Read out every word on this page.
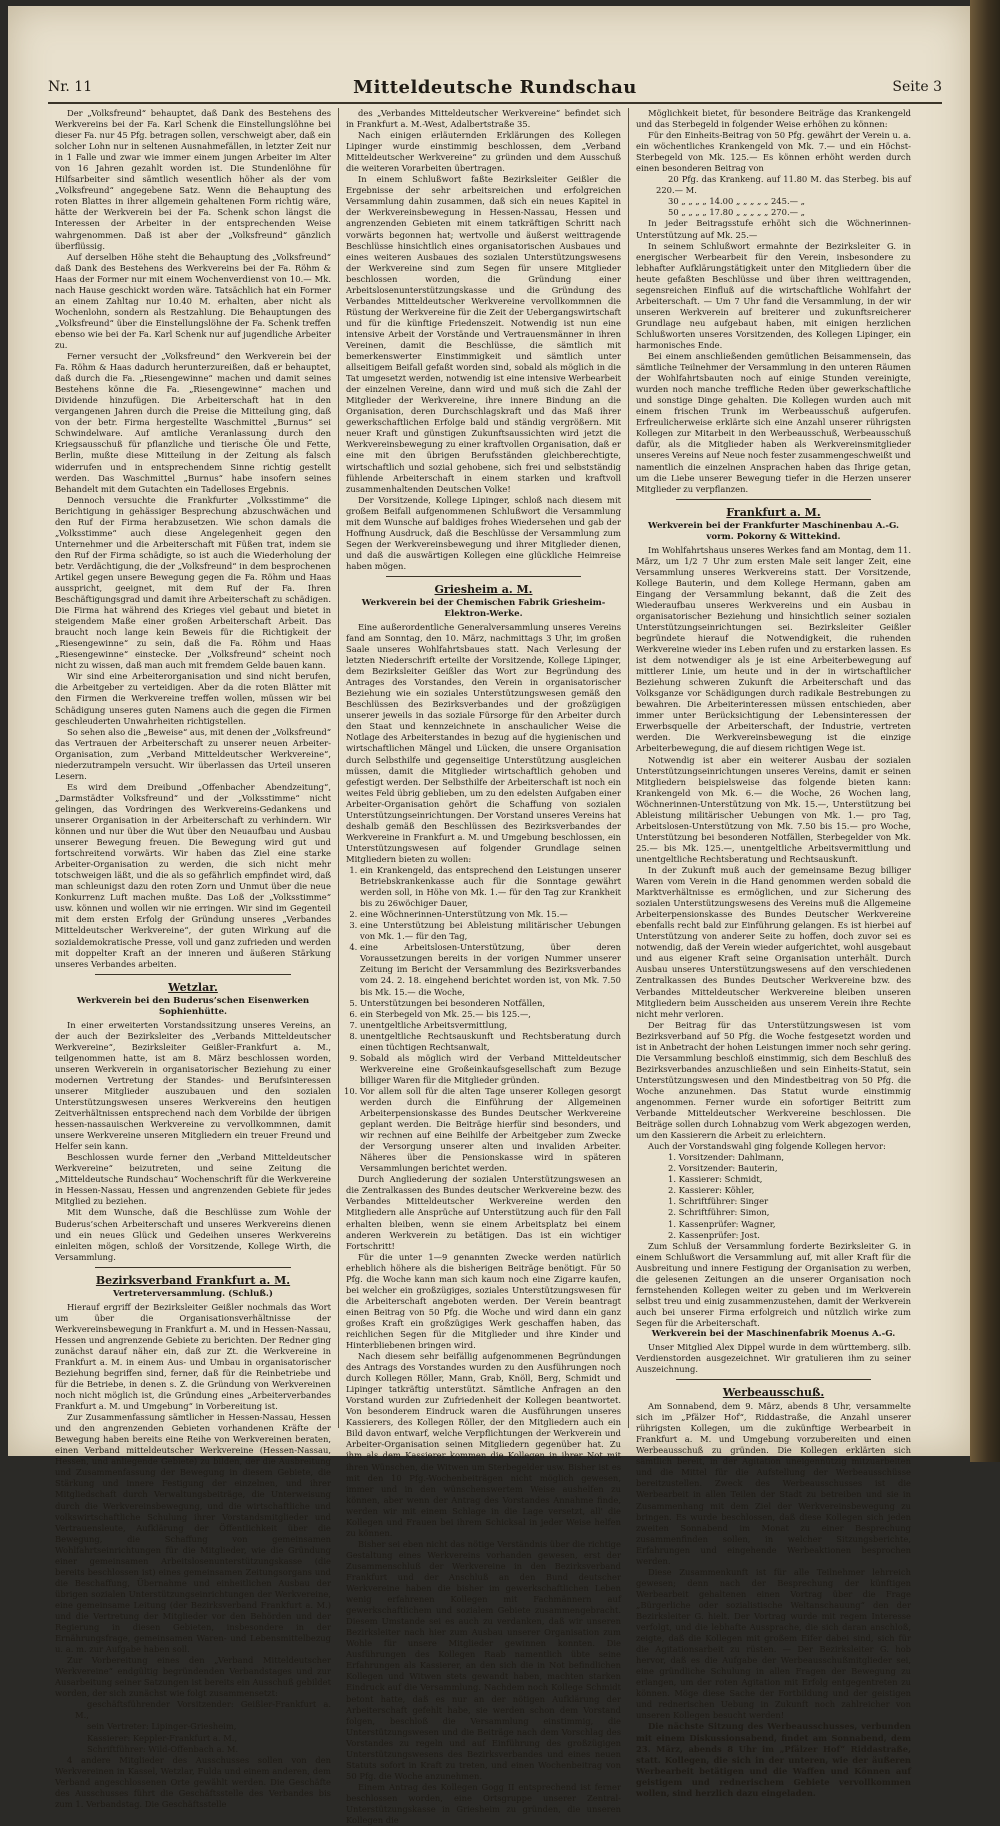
Nr. 11	Mitteldeutsche Rundschau	Seite 3

Der „Volksfreund“ behauptet, daß Dank des Bestehens des Werkvereins bei der Fa. Karl Schenk die Einstellungslöhne bei dieser Fa. nur 45 Pfg. betragen sollen, verschweigt aber, daß ein solcher Lohn nur in seltenen Ausnahmefällen, in letzter Zeit nur in 1 Falle und zwar wie immer einem jungen Arbeiter im Alter von 16 Jahren gezahlt worden ist. Die Stundenlöhne für Hilfsarbeiter sind sämtlich wesentlich höher als der vom „Volksfreund“ angegebene Satz. Wenn die Behauptung des roten Blattes in ihrer allgemein gehaltenen Form richtig wäre, hätte der Werkverein bei der Fa. Schenk schon längst die Interessen der Arbeiter in der entsprechenden Weise wahrgenommen. Daß ist aber der „Volksfreund“ gänzlich überflüssig.

Auf derselben Höhe steht die Behauptung des „Volksfreund“ daß Dank des Bestehens des Werkvereins bei der Fa. Röhm & Haas der Former nur mit einem Wochenverdienst von 10.— Mk. nach Hause geschickt worden wäre. Tatsächlich hat ein Former an einem Zahltag nur 10.40 M. erhalten, aber nicht als Wochenlohn, sondern als Restzahlung. Die Behauptungen des „Volksfreund“ über die Einstellungslöhne der Fa. Schenk treffen ebenso wie bei der Fa. Karl Schenk nur auf jugendliche Arbeiter zu.

Ferner versucht der „Volksfreund“ den Werkverein bei der Fa. Röhm & Haas dadurch herunterzureißen, daß er behauptet, daß durch die Fa. „Riesengewinne“ machen und damit seines Bestehens könne die Fa. „Riesengewinne“ machen und Dividende hinzufügen. Die Arbeiterschaft hat in den vergangenen Jahren durch die Preise die Mitteilung ging, daß von der betr. Firma hergestellte Waschmittel „Burnus“ sei Schwindelware. Auf amtliche Veranlassung durch den Kriegsausschuß für pflanzliche und tierische Öle und Fette, Berlin, mußte diese Mitteilung in der Zeitung als falsch widerrufen und in entsprechendem Sinne richtig gestellt werden. Das Waschmittel „Burnus“ habe insofern seines Behandelt mit dem Gutachten ein Tadelloses Ergebnis.

Dennoch versuchte die Frankfurter „Volksstimme“ die Berichtigung in gehässiger Besprechung abzuschwächen und den Ruf der Firma herabzusetzen. Wie schon damals die „Volksstimme“ auch diese Angelegenheit gegen den Unternehmer und die Arbeiterschaft mit Füßen trat, indem sie den Ruf der Firma schädigte, so ist auch die Wiederholung der betr. Verdächtigung, die der „Volksfreund“ in dem besprochenen Artikel gegen unsere Bewegung gegen die Fa. Röhm und Haas ausspricht, geeignet, mit dem Ruf der Fa. Ihren Beschäftigungsgrad und damit ihre Arbeiterschaft zu schädigen. Die Firma hat während des Krieges viel gebaut und bietet in steigendem Maße einer großen Arbeiterschaft Arbeit. Das braucht noch lange kein Beweis für die Richtigkeit der „Riesengewinne“ zu sein, daß die Fa. Röhm und Haas „Riesengewinne“ einstecke. Der „Volksfreund“ scheint noch nicht zu wissen, daß man auch mit fremdem Gelde bauen kann.

Wir sind eine Arbeiterorganisation und sind nicht berufen, die Arbeitgeber zu verteidigen. Aber da die roten Blätter mit den Firmen die Werkvereine treffen wollen, müssen wir bei Schädigung unseres guten Namens auch die gegen die Firmen geschleuderten Unwahrheiten richtigstellen.

So sehen also die „Beweise“ aus, mit denen der „Volksfreund“ das Vertrauen der Arbeiterschaft zu unserer neuen Arbeiter-Organisation, zum „Verband Mitteldeutscher Werkvereine“, niederzutrampeln versucht. Wir überlassen das Urteil unseren Lesern.

Es wird dem Dreibund „Offenbacher Abendzeitung“, „Darmstädter Volksfreund“ und der „Volksstimme“ nicht gelingen, das Vordringen des Werkvereins-Gedankens und unserer Organisation in der Arbeiterschaft zu verhindern. Wir können und nur über die Wut über den Neuaufbau und Ausbau unserer Bewegung freuen. Die Bewegung wird gut und fortschreitend vorwärts. Wir haben das Ziel eine starke Arbeiter-Organisation zu werden, die sich nicht mehr totschweigen läßt, und die als so gefährlich empfindet wird, daß man schleunigst dazu den roten Zorn und Unmut über die neue Konkurrenz Luft machen mußte. Das Loß der „Volksstimme“ usw. können und wollen wir nie erringen. Wir sind im Gegenteil mit dem ersten Erfolg der Gründung unseres „Verbandes Mitteldeutscher Werkvereine“, der guten Wirkung auf die sozialdemokratische Presse, voll und ganz zufrieden und werden mit doppelter Kraft an der inneren und äußeren Stärkung unseres Verbandes arbeiten.

Wetzlar.
Werkverein bei den Buderus’schen Eisenwerken Sophienhütte.

In einer erweiterten Vorstandssitzung unseres Vereins, an der auch der Bezirksleiter des „Verbands Mitteldeutscher Werkvereine“, Bezirksleiter Geißler-Frankfurt a. M., teilgenommen hatte, ist am 8. März beschlossen worden, unseren Werkverein in organisatorischer Beziehung zu einer modernen Vertretung der Standes- und Berufsinteressen unserer Mitglieder auszubauen und den sozialen Unterstützungswesen unseres Werkvereins den heutigen Zeitverhältnissen entsprechend nach dem Vorbilde der übrigen hessen-nassauischen Werkvereine zu vervollkommnen, damit unsere Werkvereine unseren Mitgliedern ein treuer Freund und Helfer sein kann.

Beschlossen wurde ferner den „Verband Mitteldeutscher Werkvereine“ beizutreten, und seine Zeitung die „Mitteldeutsche Rundschau“ Wochenschrift für die Werkvereine in Hessen-Nassau, Hessen und angrenzenden Gebiete für jedes Mitglied zu beziehen.

Mit dem Wunsche, daß die Beschlüsse zum Wohle der Buderus’schen Arbeiterschaft und unseres Werkvereins dienen und ein neues Glück und Gedeihen unseres Werkvereins einleiten mögen, schloß der Vorsitzende, Kollege Wirth, die Versammlung.

Bezirksverband Frankfurt a. M.
Vertreterversammlung. (Schluß.)

Hierauf ergriff der Bezirksleiter Geißler nochmals das Wort um über die Organisationsverhältnisse der Werkvereinsbewegung in Frankfurt a. M. und in Hessen-Nassau, Hessen und angrenzende Gebiete zu berichten. Der Redner ging zunächst darauf näher ein, daß zur Zt. die Werkvereine in Frankfurt a. M. in einem Aus- und Umbau in organisatorischer Beziehung begriffen sind, ferner, daß für die Reinbetriebe und für die Betriebe, in denen s. Z. die Gründung von Werkvereinen noch nicht möglich ist, die Gründung eines „Arbeiterverbandes Frankfurt a. M. und Umgebung“ in Vorbereitung ist.

Zur Zusammenfassung sämtlicher in Hessen-Nassau, Hessen und den angrenzenden Gebieten vorhandenen Kräfte der Bewegung haben bereits eine Reihe von Werkvereinen beraten, einen Verband mitteldeutscher Werkvereine (Hessen-Nassau, Hessen, und anliegende Gebiete) zu bilden, der die Ausbreitung und Zusammenfassung der Bewegung in diesem Gebiete, die Stärkung und innere Festigung der einzelnen, und ihrer Mitgliedschaft durch Verwaltungsbeiträge, die Unterweisung durch die Werkvereinsbewegung, und die wirtschaftliche und volkswirtschaftliche Schulung ihrer Vorstandsmitglieder und Vertrauensleute, Aufklärung der Öffentlichkeit über die Bewegung, die Schaffung von gemeinsamen Wohlfahrtseinrichtungen für die Mitglieder, wie die Gründung einer gemeinsamen Arbeitslosenunterstützungskasse (die bereits beschlossen ist) eines gemeinsamen Zeitungsorgans und die Beschaffung, Übernahme und einheitlichen Ausbau der übrigen sozialen Unterstützungseinrichtungen der Werkvereine, eine gemeinsame Leitung (der Bezirksverband Frankfurt a. M.) und die Vertretung der Mitglieder vor den Behörden und der Regierung in diesen Gebieten, insbesondere in der Ernährungsfrage, gemeinsamen Waren- und Lebensmittelbezug u. a. m. zur Aufgabe haben soll.

Zur Vorbereitung eines den „Verband Mitteldeutscher Werkvereine“ endgültig begründenden Verbandstages und zur Ausarbeitung seiner Satzungen ist bereits ein Ausschuß gebildet worden, der sich zunächst wie folgt zusammensetzt:

geschäftsführender Vorsitzender: Geißler-Frankfurt a. M.,

sein Vertreter: Lipinger-Griesheim,

Kassierer: Keppler-Frankfurt a. M.,

Schriftführer: Wild-Offenbach a. M.

4 andere Mitglieder des Ausschusses sollen von den Werkvereinen in Kassel, Wetzlar, Fulda und einem anderen, dem Verband angeschlossenen Orte gewählt werden. Die Geschäfte des Ausschusses führt die Geschäftsstelle des Verbandes bis zum 1. Verbandstag. Die Geschäftsstelle

des „Verbandes Mitteldeutscher Werkvereine“ befindet sich in Frankfurt a. M.-West, Adalbertstraße 35.

Nach einigen erläuternden Erklärungen des Kollegen Lipinger wurde einstimmig beschlossen, dem „Verband Mitteldeutscher Werkvereine“ zu gründen und dem Ausschuß die weiteren Vorarbeiten übertragen.

In einem Schlußwort faßte Bezirksleiter Geißler die Ergebnisse der sehr arbeitsreichen und erfolgreichen Versammlung dahin zusammen, daß sich ein neues Kapitel in der Werkvereinsbewegung in Hessen-Nassau, Hessen und angrenzenden Gebieten mit einem tatkräftigen Schritt nach vorwärts begonnen hat; wertvolle und äußerst weittragende Beschlüsse hinsichtlich eines organisatorischen Ausbaues und eines weiteren Ausbaues des sozialen Unterstützungswesens der Werkvereine sind zum Segen für unsere Mitglieder beschlossen worden, die Gründung einer Arbeitslosenunterstützungskasse und die Gründung des Verbandes Mitteldeutscher Werkvereine vervollkommnen die Rüstung der Werkvereine für die Zeit der Uebergangswirtschaft und für die künftige Friedenszeit. Notwendig ist nun eine intensive Arbeit der Vorstände und Vertrauensmänner in ihren Vereinen, damit die Beschlüsse, die sämtlich mit bemerkenswerter Einstimmigkeit und sämtlich unter allseitigem Beifall gefaßt worden sind, sobald als möglich in die Tat umgesetzt werden, notwendig ist eine intensive Werbearbeit der einzelnen Vereine, dann wird und muß sich die Zahl der Mitglieder der Werkvereine, ihre innere Bindung an die Organisation, deren Durchschlagskraft und das Maß ihrer gewerkschaftlichen Erfolge bald und ständig vergrößern. Mit neuer Kraft und günstigen Zukunftsaussichten wird jetzt die Werkvereinsbewegung zu einer kraftvollen Organisation, daß er eine mit den übrigen Berufsständen gleichberechtigte, wirtschaftlich und sozial gehobene, sich frei und selbstständig fühlende Arbeiterschaft in einem starken und kraftvoll zusammenhaltenden Deutschen Volke!

Der Vorsitzende, Kollege Lipinger, schloß nach diesem mit großem Beifall aufgenommenen Schlußwort die Versammlung mit dem Wunsche auf baldiges frohes Wiedersehen und gab der Hoffnung Ausdruck, daß die Beschlüsse der Versammlung zum Segen der Werkvereinsbewegung und ihrer Mitglieder dienen, und daß die auswärtigen Kollegen eine glückliche Heimreise haben mögen.

Griesheim a. M.
Werkverein bei der Chemischen Fabrik Griesheim-Elektron-Werke.

Eine außerordentliche Generalversammlung unseres Vereins fand am Sonntag, den 10. März, nachmittags 3 Uhr, im großen Saale unseres Wohlfahrtsbaues statt. Nach Verlesung der letzten Niederschrift erteilte der Vorsitzende, Kollege Lipinger, dem Bezirksleiter Geißler das Wort zur Begründung des Antrages des Vorstandes, den Verein in organisatorischer Beziehung wie ein soziales Unterstützungswesen gemäß den Beschlüssen des Bezirksverbandes und der großzügigen unserer jeweils in das soziale Fürsorge für den Arbeiter durch den Staat und kennzeichnete in anschaulicher Weise die Notlage des Arbeiterstandes in bezug auf die hygienischen und wirtschaftlichen Mängel und Lücken, die unsere Organisation durch Selbsthilfe und gegenseitige Unterstützung ausgleichen müssen, damit die Mitglieder wirtschaftlich gehoben und gefestigt werden. Der Selbsthilfe der Arbeiterschaft ist noch ein weites Feld übrig geblieben, um zu den edelsten Aufgaben einer Arbeiter-Organisation gehört die Schaffung von sozialen Unterstützungseinrichtungen. Der Vorstand unseres Vereins hat deshalb gemäß den Beschlüssen des Bezirksverbandes der Werkvereine in Frankfurt a. M. und Umgebung beschlossen, ein Unterstützungswesen auf folgender Grundlage seinen Mitgliedern bieten zu wollen:

1. ein Krankengeld, das entsprechend den Leistungen unserer Betriebskrankenkasse auch für die Sonntage gewährt werden soll, in Höhe von Mk. 1.— für den Tag zur Krankheit bis zu 26wöchiger Dauer,
2. eine Wöchnerinnen-Unterstützung von Mk. 15.—
3. eine Unterstützung bei Ableistung militärischer Uebungen von Mk. 1.— für den Tag,
4. eine Arbeitslosen-Unterstützung, über deren Voraussetzungen bereits in der vorigen Nummer unserer Zeitung im Bericht der Versammlung des Bezirksverbandes vom 24. 2. 18. eingehend berichtet worden ist, von Mk. 7.50 bis Mk. 15.— die Woche,
5. Unterstützungen bei besonderen Notfällen,
6. ein Sterbegeld von Mk. 25.— bis 125.—,
7. unentgeltliche Arbeitsvermittlung,
8. unentgeltliche Rechtsauskunft und Rechtsberatung durch einen tüchtigen Rechtsanwalt,
9. Sobald als möglich wird der Verband Mitteldeutscher Werkvereine eine Großeinkaufsgesellschaft zum Bezuge billiger Waren für die Mitglieder gründen.
10. Vor allem soll für die alten Tage unserer Kollegen gesorgt werden durch die Einführung der Allgemeinen Arbeiterpensionskasse des Bundes Deutscher Werkvereine geplant werden. Die Beiträge hierfür sind besonders, und wir rechnen auf eine Beihilfe der Arbeitgeber zum Zwecke der Versorgung unserer alten und invaliden Arbeiter. Näheres über die Pensionskasse wird in späteren Versammlungen berichtet werden.

Durch Angliederung der sozialen Unterstützungswesen an die Zentralkassen des Bundes deutscher Werkvereine bezw. des Verbandes Mitteldeutscher Werkvereine werden den Mitgliedern alle Ansprüche auf Unterstützung auch für den Fall erhalten bleiben, wenn sie einem Arbeitsplatz bei einem anderen Werkverein zu betätigen. Das ist ein wichtiger Fortschritt!

Für die unter 1—9 genannten Zwecke werden natürlich erheblich höhere als die bisherigen Beiträge benötigt. Für 50 Pfg. die Woche kann man sich kaum noch eine Zigarre kaufen, bei welcher ein großzügiges, soziales Unterstützungswesen für die Arbeiterschaft angeboten werden. Der Verein beantragt einen Beitrag von 50 Pfg. die Woche und wird dann ein ganz großes Kraft ein großzügiges Werk geschaffen haben, das reichlichen Segen für die Mitglieder und ihre Kinder und Hinterbliebenen bringen wird.

Nach diesem sehr beifällig aufgenommenen Begründungen des Antrags des Vorstandes wurden zu den Ausführungen noch durch Kollegen Röller, Mann, Grab, Knöll, Berg, Schmidt und Lipinger tatkräftig unterstützt. Sämtliche Anfragen an den Vorstand wurden zur Zufriedenheit der Kollegen beantwortet. Von besonderem Eindruck waren die Ausführungen unseres Kassierers, des Kollegen Röller, der den Mitgliedern auch ein Bild davon entwarf, welche Verpflichtungen der Werkverein und Arbeiter-Organisation seinen Mitgliedern gegenüber hat. Zu ihm als dem Kassierer kommen die Kollegen in ihrer Not mit ihren Wünschen, die Witwen um Sterbegelder usw. Bisher ist es mit den 10 Pfg.-Wochenbeiträgen nicht möglich gewesen, immer und in den wünschenswertem Weise aushelfen zu können, aber wenn der Antrag des Vorstandes Annahme finde, werden wir mit einem Schlage in die Lage versetzt, all' die Kollegen und Frauen bei ihrem Schicksal in jeder Weise helfen zu können.

Bisher sei eben nicht das nötige Verständnis über die richtige Gestaltung eines Werkvereins vorhanden gewesen, erst der Zusammenschluß der Werkvereine in den Bezirksverband Frankfurt und der Anschluß an den Bund deutscher Werkvereine haben die bisher im gewerkschaftlichen Leben wenig erfahrenen Kollegen mit Fachmännern auf gewerkschaftlichem und sozialem Gebiete zusammengebracht. Diesem Umstande sei es auch zu verdanken, daß wir unseren Bezirksleiter nach hier zum Ausbau unserer Organisation zum Wohle für unsere Mitglieder gewinnen konnten. Die Ausführungen des Kollegen Raab namentlich übte seine Erfahrungen als Kassierer, an den sich die in Not befindlichen Kollegen und Witwen stets gewandt haben, machten starken Eindruck auf die Versammlung. Nachdem noch Kollege Schmidt betont hatte, daß es nur an der nötigen Aufklärung der Arbeiterschaft gefehlt habe, sie werden schon dem Vorstand folgen, beschloß die Versammlung einstimmig, die Unterstützungswesen und die Beiträge nach dem Vorschlag des Vorstandes zu regeln und auf Einführung des großzügigen Unterstützungswesens des Bezirksverbandes und eines neuen Statuts sofort in Kraft zu treten, und einen Wochenbeitrag von 50 Pfg. die Woche anzunehmen.

Einem Antrag des Kollegen Gogg II entsprechend ist ferner beschlossen worden, eine Ortsgruppe unserer Zentral-Unterstützungskasse in Griesheim zu gründen, die unseren Kollegen die

Möglichkeit bietet, für besondere Beiträge das Krankengeld und das Sterbegeld in folgender Weise erhöhen zu können:

Für den Einheits-Beitrag von 50 Pfg. gewährt der Verein u. a. ein wöchentliches Krankengeld von Mk. 7.— und ein Höchst-Sterbegeld von Mk. 125.— Es können erhöht werden durch einen besonderen Beitrag von

20 Pfg. das Krankeng. auf 11.80 M. das Sterbeg. bis auf 220.— M.

30 „ „ „ „ 14.00 „ „ „ „ „ 245.— „

50 „ „ „ „ 17.80 „ „ „ „ „ 270.— „

In jeder Beitragsstufe erhöht sich die Wöchnerinnen-Unterstützung auf Mk. 25.—

In seinem Schlußwort ermahnte der Bezirksleiter G. in energischer Werbearbeit für den Verein, insbesondere zu lebhafter Aufklärungstätigkeit unter den Mitgliedern über die heute gefaßten Beschlüsse und über ihren weittragenden, segensreichen Einfluß auf die wirtschaftliche Wohlfahrt der Arbeiterschaft. — Um 7 Uhr fand die Versammlung, in der wir unseren Werkverein auf breiterer und zukunftsreicherer Grundlage neu aufgebaut haben, mit einigen herzlichen Schlußworten unseres Vorsitzenden, des Kollegen Lipinger, ein harmonisches Ende.

Bei einem anschließenden gemütlichen Beisammensein, das sämtliche Teilnehmer der Versammlung in den unteren Räumen der Wohlfahrtsbauten noch auf einige Stunden vereinigte, wurden noch manche treffliche Reden über gewerkschaftliche und sonstige Dinge gehalten. Die Kollegen wurden auch mit einem frischen Trunk im Werbeausschuß aufgerufen. Erfreulicherweise erklärte sich eine Anzahl unserer rührigsten Kollegen zur Mitarbeit in den Werbeausschuß, Werbeausschuß dafür, als die Mitglieder haben als Werkvereinsmitglieder unseres Vereins auf Neue noch fester zusammengeschweißt und namentlich die einzelnen Ansprachen haben das Ihrige getan, um die Liebe unserer Bewegung tiefer in die Herzen unserer Mitglieder zu verpflanzen.

Frankfurt a. M.
Werkverein bei der Frankfurter Maschinenbau A.-G. vorm. Pokorny & Wittekind.

Im Wohlfahrtshaus unseres Werkes fand am Montag, dem 11. März, um 1/2 7 Uhr zum ersten Male seit langer Zeit, eine Versammlung unseres Werkvereins statt. Der Vorsitzende, Kollege Bauterin, und dem Kollege Hermann, gaben am Eingang der Versammlung bekannt, daß die Zeit des Wiederaufbau unseres Werkvereins und ein Ausbau in organisatorischer Beziehung und hinsichtlich seiner sozialen Unterstützungseinrichtungen sei. Bezirksleiter Geißler begründete hierauf die Notwendigkeit, die ruhenden Werkvereine wieder ins Leben rufen und zu erstarken lassen. Es ist dem notwendiger als je ist eine Arbeiterbewegung auf mittlerer Linie, um heute und in der in wirtschaftlicher Beziehung schweren Zukunft die Arbeiterschaft und das Volksganze vor Schädigungen durch radikale Bestrebungen zu bewahren. Die Arbeiterinteressen müssen entschieden, aber immer unter Berücksichtigung der Lebensinteressen der Erwerbsquelle der Arbeiterschaft, der Industrie, vertreten werden. Die Werkvereinsbewegung ist die einzige Arbeiterbewegung, die auf diesem richtigen Wege ist.

Notwendig ist aber ein weiterer Ausbau der sozialen Unterstützungseinrichtungen unseres Vereins, damit er seinen Mitgliedern beispielsweise das folgende bieten kann: Krankengeld von Mk. 6.— die Woche, 26 Wochen lang, Wöchnerinnen-Unterstützung von Mk. 15.—, Unterstützung bei Ableistung militärischer Uebungen von Mk. 1.— pro Tag, Arbeitslosen-Unterstützung von Mk. 7.50 bis 15.— pro Woche, Unterstützung bei besonderen Notfällen, Sterbegelder von Mk. 25.— bis Mk. 125.—, unentgeltliche Arbeitsvermittlung und unentgeltliche Rechtsberatung und Rechtsauskunft.

In der Zukunft muß auch der gemeinsame Bezug billiger Waren vom Verein in die Hand genommen werden sobald die Marktverhältnisse es ermöglichen, und zur Sicherung des sozialen Unterstützungswesens des Vereins muß die Allgemeine Arbeiterpensionskasse des Bundes Deutscher Werkvereine ebenfalls recht bald zur Einführung gelangen. Es ist hierbei auf Unterstützung von anderer Seite zu hoffen, doch zuvor sei es notwendig, daß der Verein wieder aufgerichtet, wohl ausgebaut und aus eigener Kraft seine Organisation unterhält. Durch Ausbau unseres Unterstützungswesens auf den verschiedenen Zentralkassen des Bundes Deutscher Werkvereine bzw. des Verbandes Mitteldeutscher Werkvereine bleiben unseren Mitgliedern beim Ausscheiden aus unserem Verein ihre Rechte nicht mehr verloren.

Der Beitrag für das Unterstützungswesen ist vom Bezirksverband auf 50 Pfg. die Woche festgesetzt worden und ist in Anbetracht der hohen Leistungen immer noch sehr gering. Die Versammlung beschloß einstimmig, sich dem Beschluß des Bezirksverbandes anzuschließen und sein Einheits-Statut, sein Unterstützungswesen und den Mindestbeitrag von 50 Pfg. die Woche anzunehmen. Das Statut wurde einstimmig angenommen. Ferner wurde ein sofortiger Beitritt zum Verbande Mitteldeutscher Werkvereine beschlossen. Die Beiträge sollen durch Lohnabzug vom Werk abgezogen werden, um den Kassierern die Arbeit zu erleichtern.

Auch der Vorstandswahl ging folgende Kollegen hervor:

1. Vorsitzender: Dahlmann,

2. Vorsitzender: Bauterin,

1. Kassierer: Schmidt,

2. Kassierer: Köhler,

1. Schriftführer: Singer

2. Schriftführer: Simon,

1. Kassenprüfer: Wagner,

2. Kassenprüfer: Jost.

Zum Schluß der Versammlung forderte Bezirksleiter G. in einem Schlußwort die Versammlung auf, mit aller Kraft für die Ausbreitung und innere Festigung der Organisation zu werben, die gelesenen Zeitungen an die unserer Organisation noch fernstehenden Kollegen weiter zu geben und im Werkverein selbst treu und einig zusammenzustehen, damit der Werkverein auch bei unserer Firma erfolgreich und nützlich wirke zum Segen für die Arbeiterschaft.

Werkverein bei der Maschinenfabrik Moenus A.-G.

Unser Mitglied Alex Dippel wurde in dem württemberg. silb. Verdienstorden ausgezeichnet. Wir gratulieren ihm zu seiner Auszeichnung.

Werbeausschuß.

Am Sonnabend, dem 9. März, abends 8 Uhr, versammelte sich im „Pfälzer Hof“, Riddastraße, die Anzahl unserer rührigsten Kollegen, um die zukünftige Werbearbeit in Frankfurt a. M. und Umgebung vorzubereiten und einen Werbeausschuß zu gründen. Die Kollegen erklärten sich sämtlich bereit, in der Agitation uneigennützig mitzuarbeiten und die Mittel für die Aufstellung der Werbeausschüsse bereitzustellen. Zweck des Werbeausschusses ist die Werbearbeit in allen Teilen der Stadt zu betreiben und sie in Zusammenhang mit dem Ziel der Werkvereinsbewegung zu bringen. Es wurde beschlossen, daß diese Kollegen sich jeden zweiten Sonnabend im Monat zu einer Besprechung zusammenfinden sollen, in welcher Sitzungsberichte, Erfahrungen und eingehende Werbeaktionen besprochen werden.

Diese Zusammenkunft ist für alle Teilnehmer lehrreich gewesen; denn nach der Besprechung der künftigen Werbearbeit gehaltenen einen Vortrag über die Frage „Bürgerliche oder sozialistische Weltanschauung“ den der Bezirksleiter G. hielt. Der Vortrag wurde mit regem Interesse verfolgt, und die lebhafte Aussprache, die sich daran anschloß, zeigte, daß die Kollegen mit großem Eifer dabei sind, sich für die Agitationsarbeit zu rüsten. — Der Bezirksleiter G. hob hervor, daß es die Aufgabe der Werbeausschußmitglieder sei, eine gründliche Schulung in allen Fragen der Bewegung zu erlangen, um der roten Agitation mit Erfolg entgegentreten zu können. Möge diese Sache der Fortbildung und der geistigen und rednerischen Uebung in Zukunft noch zahlreicher von unseren Kollegen besucht werden!

Die nächste Sitzung des Werbeausschusses, verbunden mit einem Diskussionsabend, findet am Sonnabend, dem 23. März, abends 8 Uhr im „Pfälzer Hof“ Riddastraße, statt. Kollegen, die sich in der unteren, wie der äußeren Werbearbeit betätigen und die Waffen und Können auf geistigem und rednerischem Gebiete vervollkommen wollen, sind herzlich dazu eingeladen.
